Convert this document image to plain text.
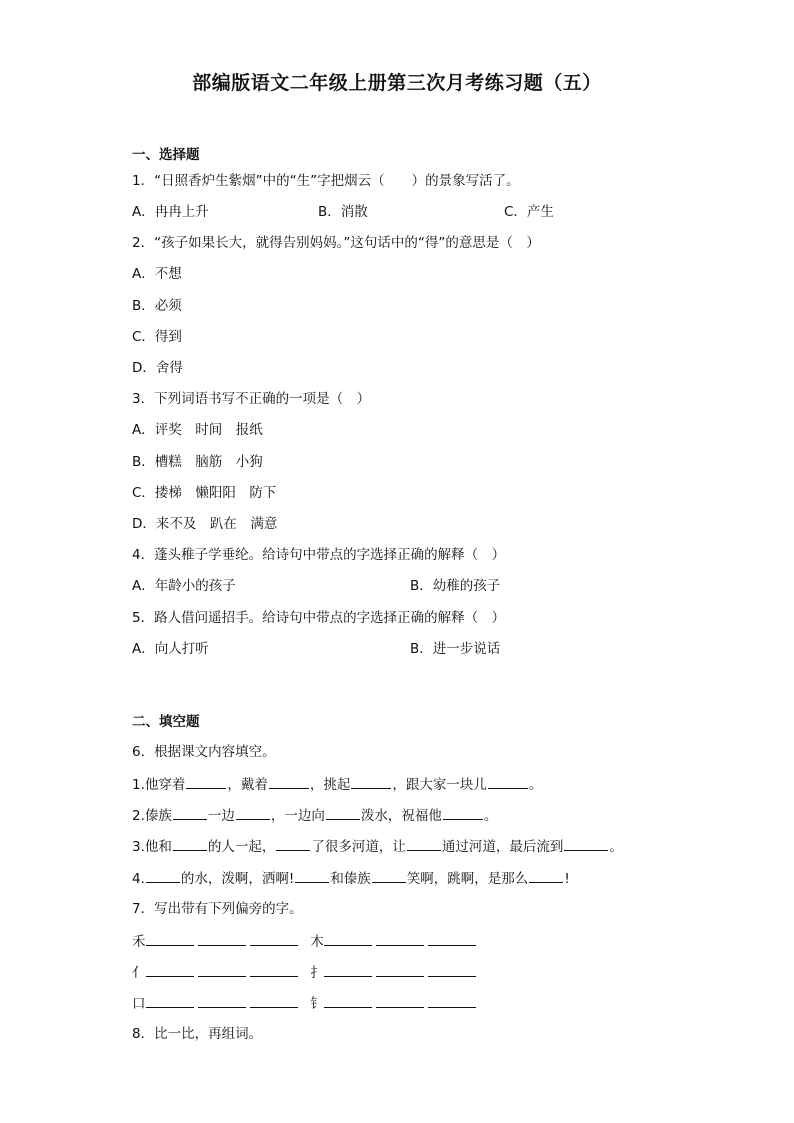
部编版语文二年级上册第三次月考练习题（五）
一、选择题
1．“日照香炉生紫烟”中的“生”字把烟云（　　）的景象写活了。
A．冉冉上升	B．消散	C．产生
2．“孩子如果长大，就得告别妈妈。”这句话中的“得”的意思是（　）
A．不想
B．必须
C．得到
D．舍得
3．下列词语书写不正确的一项是（　）
A．评奖　时间　报纸
B．槽糕　脑筋　小狗
C．搂梯　懒阳阳　防下
D．来不及　趴在　满意
4．蓬头稚子学垂纶。给诗句中带点的字选择正确的解释（　）
A．年龄小的孩子	B．幼稚的孩子
5．路人借问遥招手。给诗句中带点的字选择正确的解释（　）
A．向人打听	B．进一步说话
二、填空题
6．根据课文内容填空。
1.他穿着	，戴着	，挑起	，跟大家一块儿	。
2.傣族	一边	，一边向	泼水，祝福他	。
3.他和	的人一起，	了很多河道，让	通过河道，最后流到	。
4.	的水，泼啊，洒啊!	和傣族	笑啊，跳啊，是那么	!
7．写出带有下列偏旁的字。
禾	木
亻	扌
口	钅
8．比一比，再组词。
